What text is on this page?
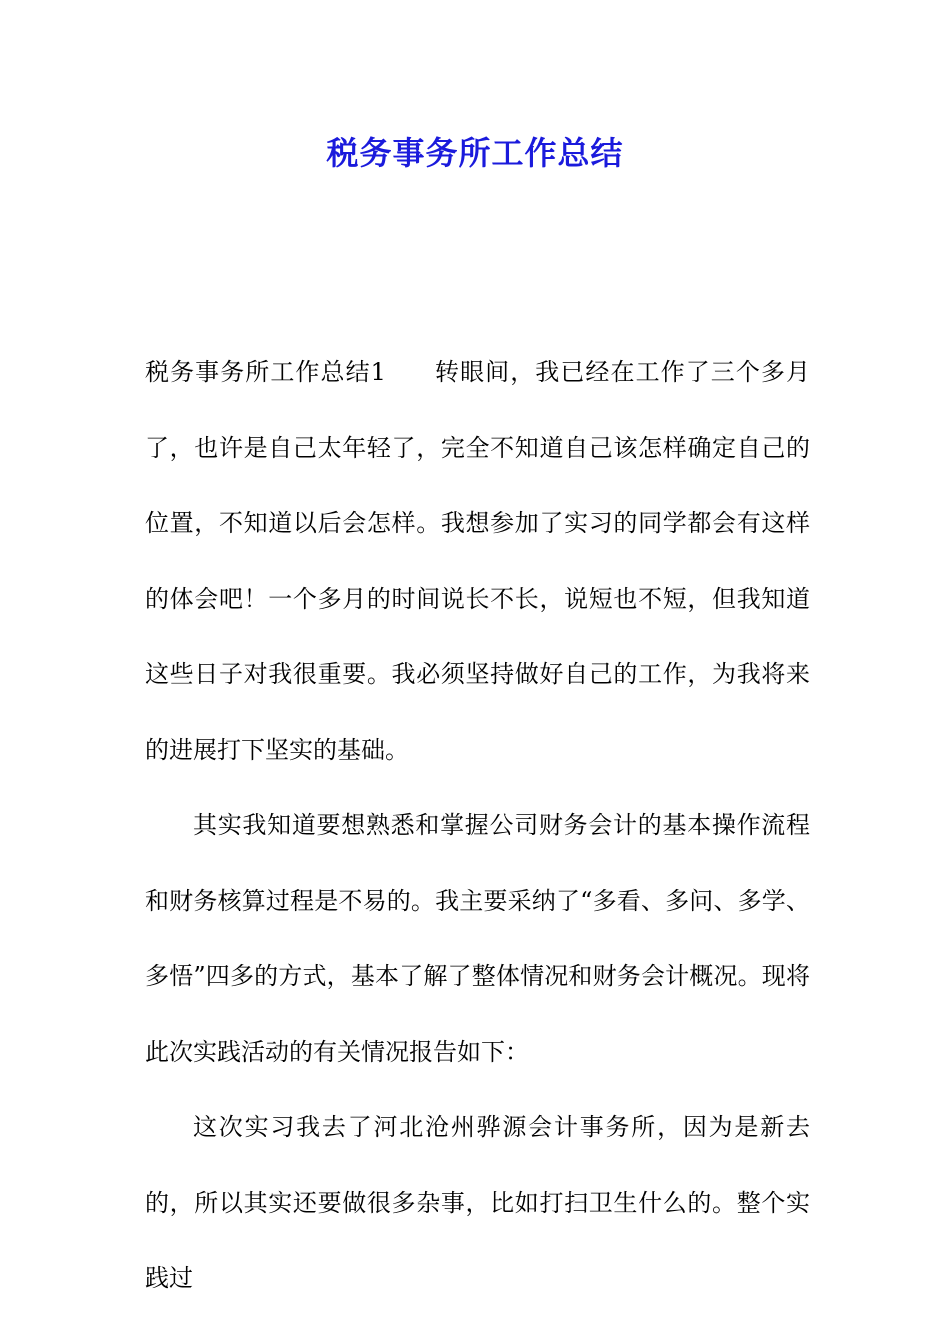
税务事务所工作总结

税务事务所工作总结1 转眼间，我已经在工作了三个多月了，也许是自己太年轻了，完全不知道自己该怎样确定自己的位置，不知道以后会怎样。我想参加了实习的同学都会有这样的体会吧！一个多月的时间说长不长，说短也不短，但我知道这些日子对我很重要。我必须坚持做好自己的工作，为我将来的进展打下坚实的基础。

其实我知道要想熟悉和掌握公司财务会计的基本操作流程和财务核算过程是不易的。我主要采纳了“多看、多问、多学、多悟”四多的方式，基本了解了整体情况和财务会计概况。现将此次实践活动的有关情况报告如下：

这次实习我去了河北沧州骅源会计事务所，因为是新去的，所以其实还要做很多杂事，比如打扫卫生什么的。整个实践过
